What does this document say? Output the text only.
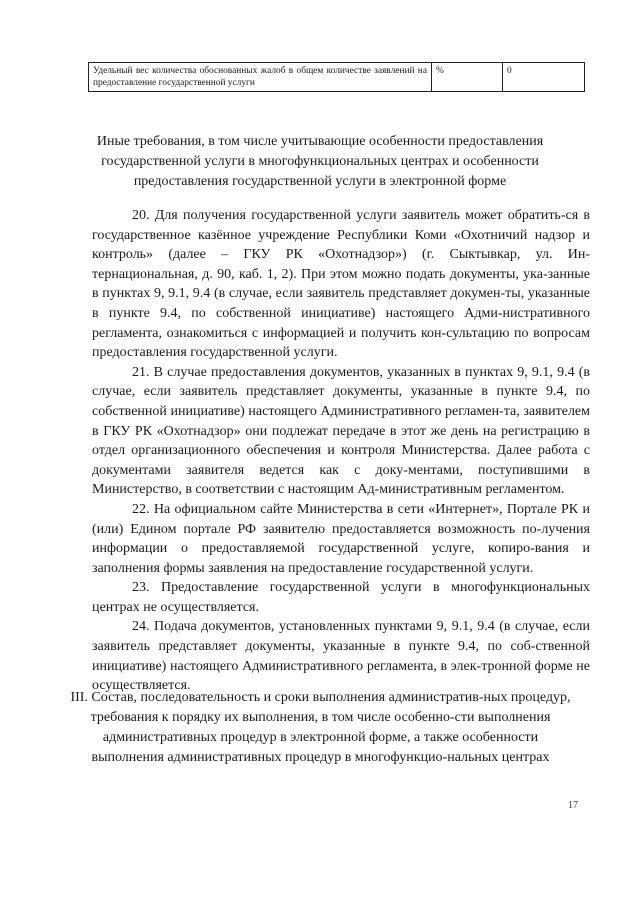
Удельный вес количества обоснованных жалоб в общем количестве заявлений на предоставление государственной услуги	%	0
Иные требования, в том числе учитывающие особенности предоставления государственной услуги в многофункциональных центрах и особенности предоставления государственной услуги в электронной форме

20. Для получения государственной услуги заявитель может обратить-ся в государственное казённое учреждение Республики Коми «Охотничий надзор и контроль» (далее – ГКУ РК «Охотнадзор») (г. Сыктывкар, ул. Ин-тернациональная, д. 90, каб. 1, 2). При этом можно подать документы, ука-занные в пунктах 9, 9.1, 9.4 (в случае, если заявитель представляет докумен-ты, указанные в пункте 9.4, по собственной инициативе) настоящего Адми-нистративного регламента, ознакомиться с информацией и получить кон-сультацию по вопросам предоставления государственной услуги.

21. В случае предоставления документов, указанных в пунктах 9, 9.1, 9.4 (в случае, если заявитель представляет документы, указанные в пункте 9.4, по собственной инициативе) настоящего Административного регламен-та, заявителем в ГКУ РК «Охотнадзор» они подлежат передаче в этот же день на регистрацию в отдел организационного обеспечения и контроля Министерства. Далее работа с документами заявителя ведется как с доку-ментами, поступившими в Министерство, в соответствии с настоящим Ад-министративным регламентом.

22. На официальном сайте Министерства в сети «Интернет», Портале РК и (или) Едином портале РФ заявителю предоставляется возможность по-лучения информации о предоставляемой государственной услуге, копиро-вания и заполнения формы заявления на предоставление государственной услуги.

23. Предоставление государственной услуги в многофункциональных центрах не осуществляется.

24. Подача документов, установленных пунктами 9, 9.1, 9.4 (в случае, если заявитель представляет документы, указанные в пункте 9.4, по соб-ственной инициативе) настоящего Административного регламента, в элек-тронной форме не осуществляется.

III. Состав, последовательность и сроки выполнения административ-ных процедур, требования к порядку их выполнения, в том числе особенно-сти выполнения административных процедур в электронной форме, а также особенности выполнения административных процедур в многофункцио-нальных центрах
17
